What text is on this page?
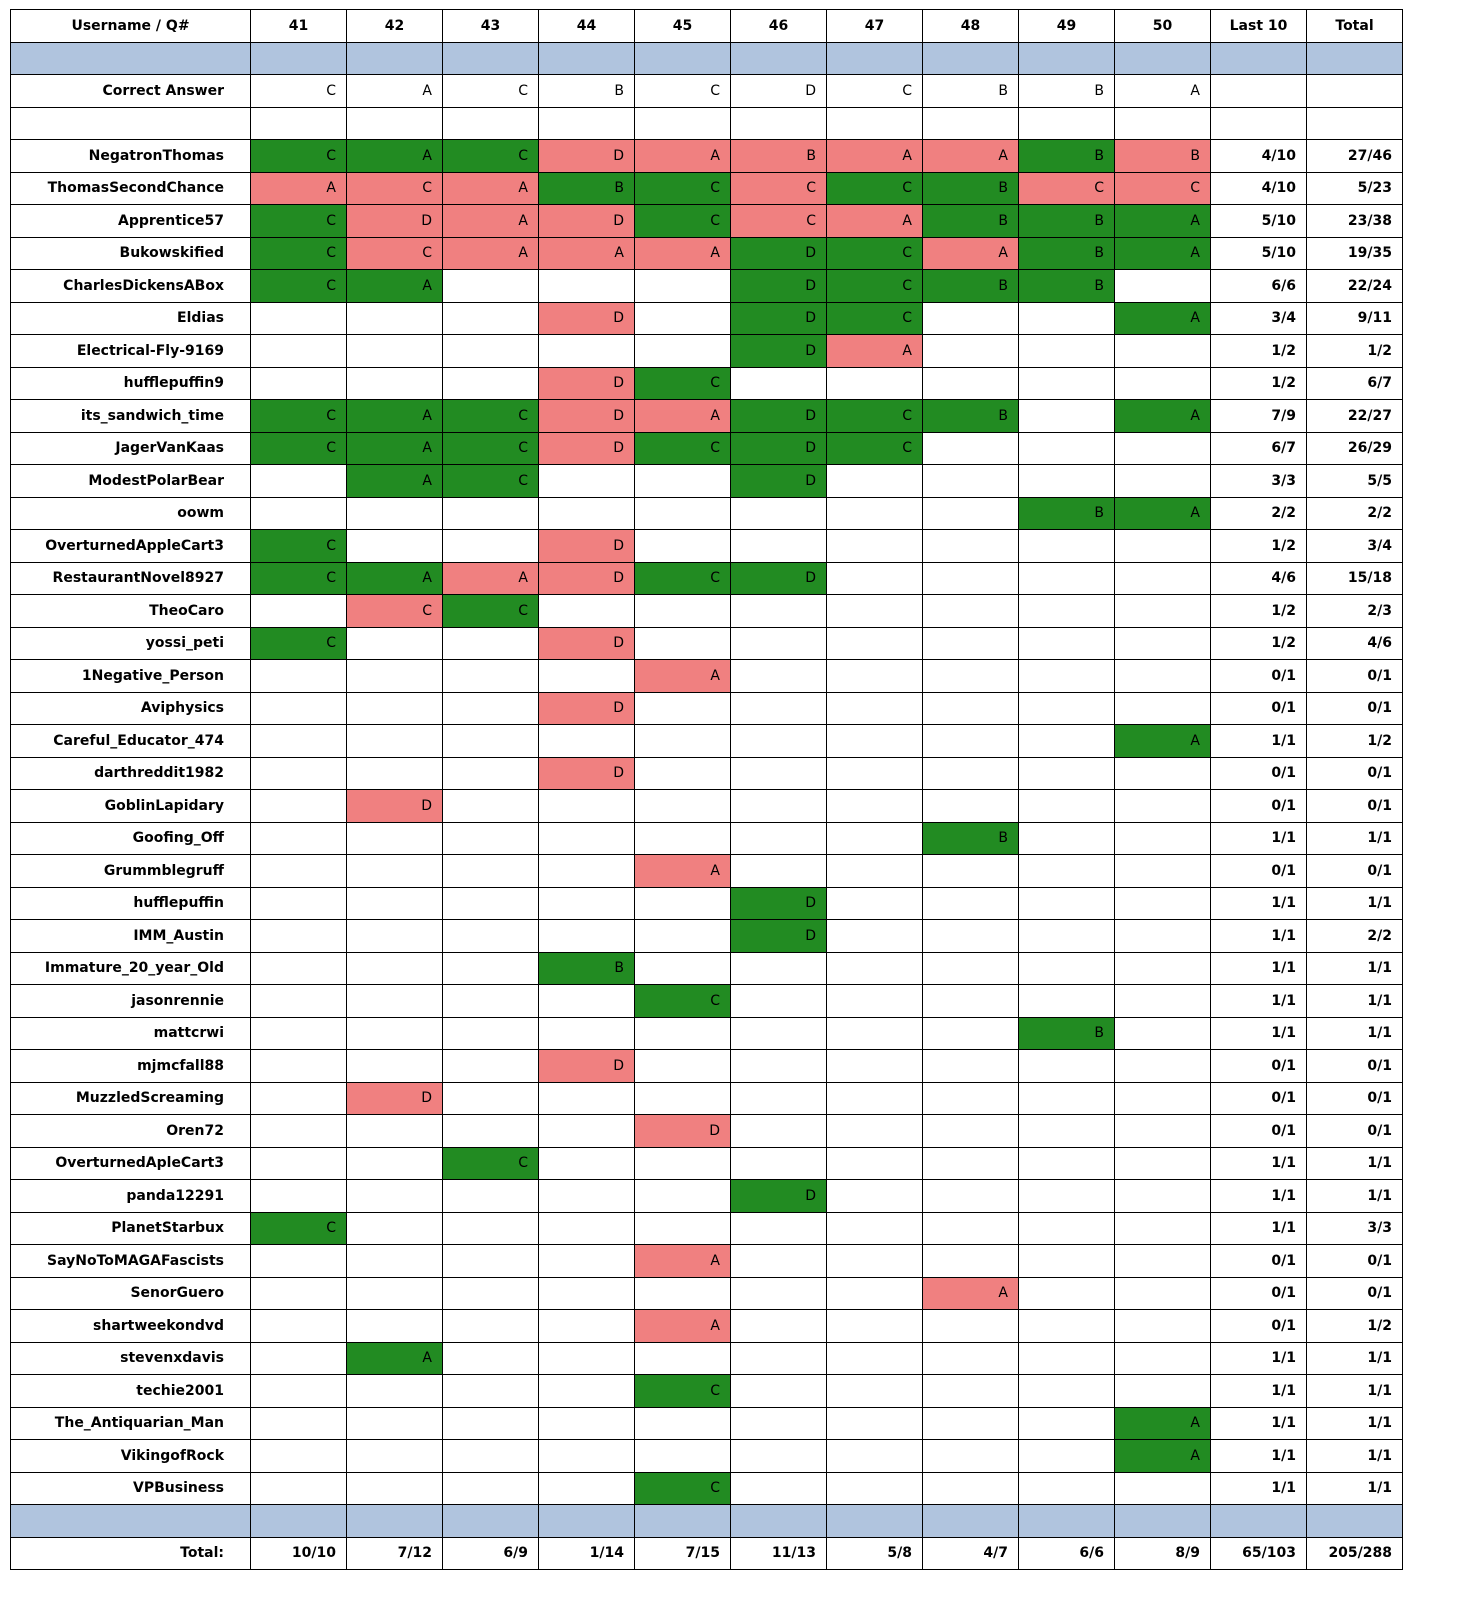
Username / Q#	41	42	43	44	45	46	47	48	49	50	Last 10	Total

Correct Answer	C	A	C	B	C	D	C	B	B	A		

NegatronThomas	C	A	C	D	A	B	A	A	B	B	4/10	27/46
ThomasSecondChance	A	C	A	B	C	C	C	B	C	C	4/10	5/23
Apprentice57	C	D	A	D	C	C	A	B	B	A	5/10	23/38
Bukowskified	C	C	A	A	A	D	C	A	B	A	5/10	19/35
CharlesDickensABox	C	A				D	C	B	B		6/6	22/24
Eldias				D		D	C			A	3/4	9/11
Electrical-Fly-9169						D	A				1/2	1/2
hufflepuffin9				D	C						1/2	6/7
its_sandwich_time	C	A	C	D	A	D	C	B		A	7/9	22/27
JagerVanKaas	C	A	C	D	C	D	C				6/7	26/29
ModestPolarBear		A	C			D					3/3	5/5
oowm									B	A	2/2	2/2
OverturnedAppleCart3	C			D							1/2	3/4
RestaurantNovel8927	C	A	A	D	C	D					4/6	15/18
TheoCaro		C	C								1/2	2/3
yossi_peti	C			D							1/2	4/6
1Negative_Person					A						0/1	0/1
Aviphysics				D							0/1	0/1
Careful_Educator_474										A	1/1	1/2
darthreddit1982				D							0/1	0/1
GoblinLapidary		D									0/1	0/1
Goofing_Off								B			1/1	1/1
Grummblegruff					A						0/1	0/1
hufflepuffin						D					1/1	1/1
IMM_Austin						D					1/1	2/2
Immature_20_year_Old				B							1/1	1/1
jasonrennie					C						1/1	1/1
mattcrwi									B		1/1	1/1
mjmcfall88				D							0/1	0/1
MuzzledScreaming		D									0/1	0/1
Oren72					D						0/1	0/1
OverturnedApleCart3			C								1/1	1/1
panda12291						D					1/1	1/1
PlanetStarbux	C										1/1	3/3
SayNoToMAGAFascists					A						0/1	0/1
SenorGuero								A			0/1	0/1
shartweekondvd					A						0/1	1/2
stevenxdavis		A									1/1	1/1
techie2001					C						1/1	1/1
The_Antiquarian_Man										A	1/1	1/1
VikingofRock										A	1/1	1/1
VPBusiness					C						1/1	1/1

Total:	10/10	7/12	6/9	1/14	7/15	11/13	5/8	4/7	6/6	8/9	65/103	205/288
